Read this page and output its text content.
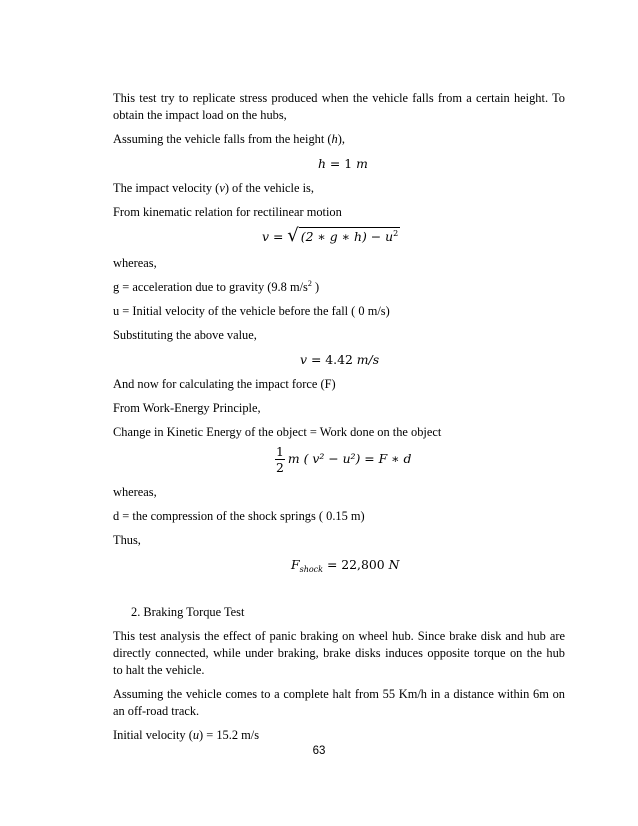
This test try to replicate stress produced when the vehicle falls from a certain height. To
obtain the impact load on the hubs,
Assuming the vehicle falls from the height (h),
h = 1 m
The impact velocity (v) of the vehicle is,
From kinematic relation for rectilinear motion
v = √ (2 ∗ g ∗ $h) - u^2$
whereas,
g = acceleration due to gravity (9.8 $m/s^2$ )
u = Initial velocity of the vehicle before the fall ( 0 m/s)
Substituting the above value,
v = 4.42 m/s
And now for calculating the impact force (F)
From Work-Energy Principle,
Change in Kinetic Energy of the object = Work done on the object
$\frac{1}{2}$ m ( v² − u²) = F ∗ d
whereas,
d = the compression of the shock springs ( 0.15 m)
Thus,
$F_{shock} = 22,800$ N
2. Braking Torque Test
This test analysis the effect of panic braking on wheel hub. Since brake disk and hub are
directly connected, while under braking, brake disks induces opposite torque on the hub
to halt the vehicle.
Assuming the vehicle comes to a complete halt from 55 Km/h in a distance within 6m on
an off-road track.
Initial velocity (u) = 15.2 m/s
63
